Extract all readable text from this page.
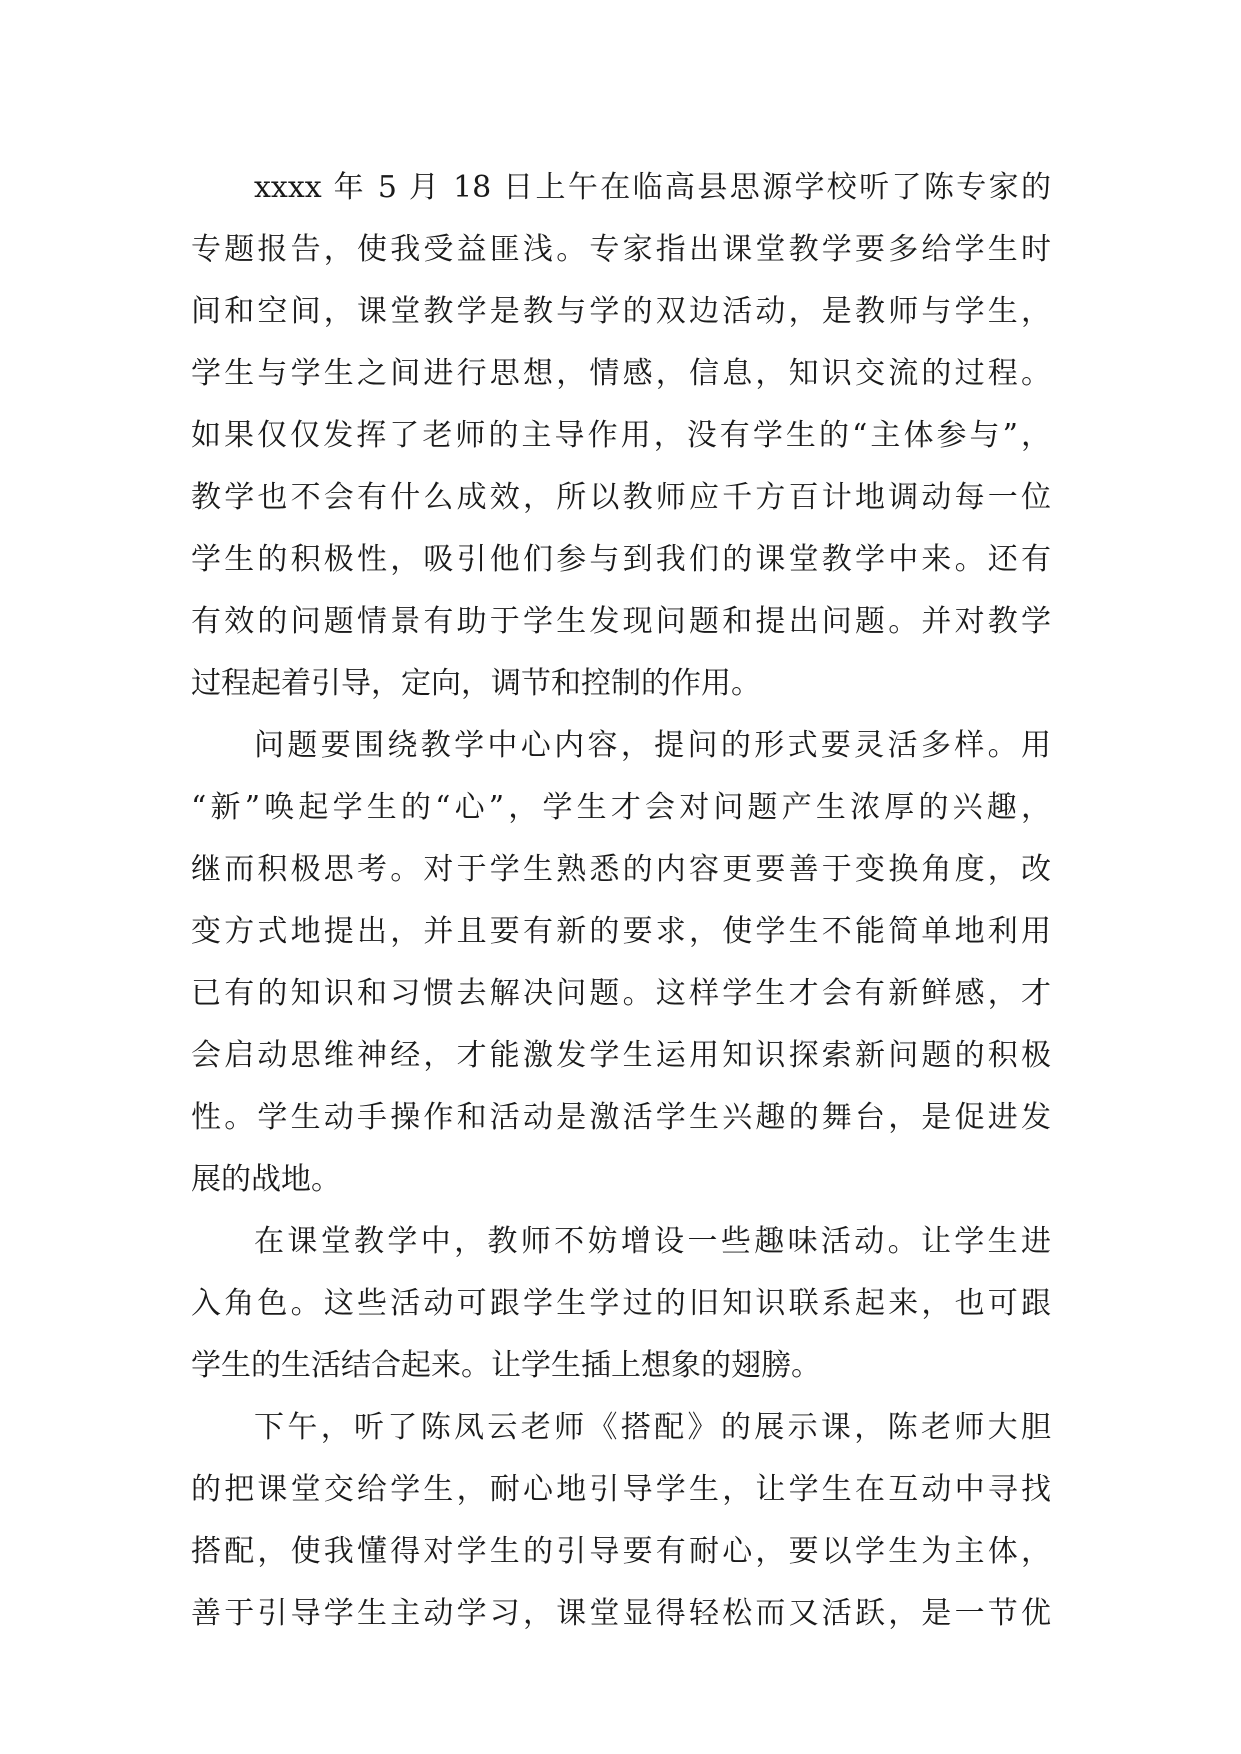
xxxx 年 5 月 18 日上午在临高县思源学校听了陈专家的
专题报告，使我受益匪浅。专家指出课堂教学要多给学生时
间和空间，课堂教学是教与学的双边活动，是教师与学生，
学生与学生之间进行思想，情感，信息，知识交流的过程。
如果仅仅发挥了老师的主导作用，没有学生的“主体参与”，
教学也不会有什么成效，所以教师应千方百计地调动每一位
学生的积极性，吸引他们参与到我们的课堂教学中来。还有
有效的问题情景有助于学生发现问题和提出问题。并对教学
过程起着引导，定向，调节和控制的作用。
问题要围绕教学中心内容，提问的形式要灵活多样。用
“新”唤起学生的“心”，学生才会对问题产生浓厚的兴趣，
继而积极思考。对于学生熟悉的内容更要善于变换角度，改
变方式地提出，并且要有新的要求，使学生不能简单地利用
已有的知识和习惯去解决问题。这样学生才会有新鲜感，才
会启动思维神经，才能激发学生运用知识探索新问题的积极
性。学生动手操作和活动是激活学生兴趣的舞台，是促进发
展的战地。
在课堂教学中，教师不妨增设一些趣味活动。让学生进
入角色。这些活动可跟学生学过的旧知识联系起来，也可跟
学生的生活结合起来。让学生插上想象的翅膀。
下午，听了陈凤云老师《搭配》的展示课，陈老师大胆
的把课堂交给学生，耐心地引导学生，让学生在互动中寻找
搭配，使我懂得对学生的引导要有耐心，要以学生为主体，
善于引导学生主动学习，课堂显得轻松而又活跃，是一节优
